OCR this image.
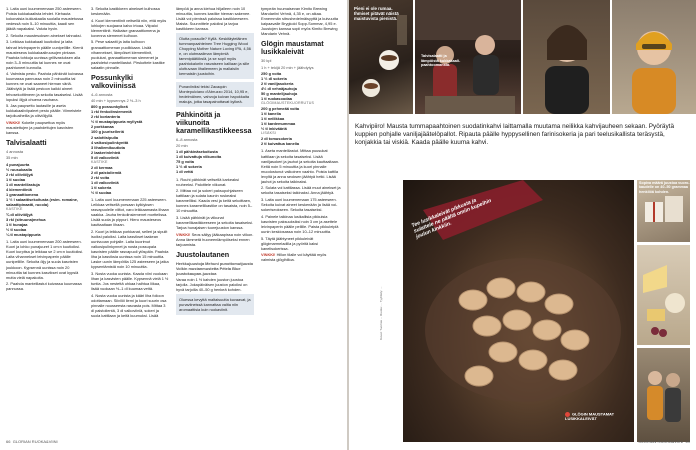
1. Laita uuni kuumenemaan 250 asteeseen. Poista kukkakaalista lehdet. Kiehauta kokonaisia kukkakaalia suolalla maustetussa vedessä noin 5–10 minuuttia, kaadi sen jäädä napakaksi. Valuta hyvin.

2. Sekoita maustesoksen ainekset tahnaksi.

3. Leikkaa kukkakaali kuutioiksi ja laita tahnat leivinpaperin päälle uunipellille. Kierrä mausteseos kukkakaaliruusujen pintaan. Paahda tohkoja uunissa grillivastuksen alla noin 3–5 minuuttia tai kunnes ne ovat paahtuneet kunnolla.

4. Valmista pesto. Paahda pähkinät kuivassa kuumassa pannussa noin 2 minuuttia tai kunnes ne ovat saaneet hieman väriä. Jäähdytä ja lisää pestoon kaikki aineet tehosekoittimeen ja sekoita tasaiseksi. Lisää lopuksi öljyä ohuena nauhana.

5. Jaa paupsetto lautasille ja aseta kukkakaaliviipaleet pesto päälle. Viimeistele tarjoiluaiheilla ja oliiviöljyllä.

VINKKI! Kokeile paupsettoa myös maustettujen ja paahdettujen kasvisten kanssa.

Talvisalaatti
4 annosta
35 min
4 punajuurta
½ ruusukaalia
2 rkl oliiviöljyä
1 tl suolaa
1 dl mantelilastuja
4 klementiiniä
1 granaattiomena
1 ½ l salaattisekoitusta (esim. romaine, salaattipinaatti, rucola)
KASTIKE
¾ dl oliiviöljyä
3 rkl (sitruuna)mehua
1 tl hunajaa
½ tl suolaa
¼ tl mustapippuria

1. Laita uuni kuumenemaan 200 asteeseen. Kuori ja lohko punajuuret 1 cm:n kuutioiksi. Kuori kurpitsa ja leikkaa se 2 cm:n kuutioiksi. Laita vihannekset leivinpaperin päälle uunipellille. Sekoita öljy ja suola kasvisten joukkoon. Kypsennä uunissa noin 20 minuuttia tai kunnes kasvikset ovat kypsiä mutta vielä napakoita.

2. Paahda mantelilastut kuivassa kuumassa pannussa.

3. Sekoita kastikkeen ainekset kulhossa keskenään.

4. Kuori klementiinit veitsellä niin, että myös lohkojen suojaava kalvo irtoaa. Viipaloi klementiinit. Halkaise granaattiomena ja kovenna siemenet kulhoon.

5. Pese salaatti ja laita kulhoon granaattiomenan puolikkaan. Lisää vihannekset, lämpöiset klementiinit, puolukat, granaattiomenan siemenet ja paahdetut mantelilastut. Pirskottele kastike salaatin pinnalle.

Possunkylki valkoviinissä
4–6 annosta
40 min + kypsennys 2 ½–3 h
800 g possunkylkeä
1 rkl fenkolinsiemeniä
2 rkl korianteria
½ tl mustapippuria myllystä
2 porkkanaa
100 g juuriselleriä
2 salottisipulia
4 valkosipulinkynttä
3 lihaliemikuutiota
2 laakerinlehteä
5 dl valkoviiniä
KASTIKE
2 dl kermaa
2 dl paistoliemiä
2 rkl voita
1 dl valkoviiniä
1 tl sokeria
½ tl suolaa

1. Laita uuni kuumenemaan 225 asteeseen. Leikkaa veitsellä porsaan kylkiyksen rasvapuolelle viiltot, varo leikkaamasta lihaan saakka. Jauha fenkolinsiemenet morttelissa. Lisää suola ja pippuri. Hiero mausteseos kauttaaltaan lihaan.

2. Kuori ja leikkaa porkkanat, selleri ja sipulit isoiksi paloiksi. Laita kasvikset laakean uunivuoan pohjalle. Laita kuorimut valkosipulinkynnet ja nosta possupala kasvisten päälle rasvapuoli ylöspäin. Paahda liha ja kasviksia uunissa noin 15 minuuttia. Laske uunin lämpötila 125 asteeseen ja jatka kypsentämistä noin 10 minuuttia.

3. Nosta vuoka uunista. Kaada viini vuokaan lihan ja kasvisten päälle. Kypsennä vielä 1 ½ tuntia. Jos nestettä uhkaa haihtua liikaa, lisää vuokaan ½–1 dl kuumaa vettä.

4. Nosta vuoka uunista ja kääri liha folioon odottamaan. Siivilöi liemi ja kuori suurin osa pinnalle nousseesta rasvasta pois. Mittaa 3 dl paistolientä, 3 dl valkoviiniä, sokeri ja suola kattilaan ja keitä kuumuksi. Lisää

lämpöä ja anna kiehua hiljalleen noin 10 minuuttia, kunnes kastike hieman sakenee. Lisää voi pienissä paloissa kastikkeeseen. Maista. Suunnittele paloiksi ja tarjoa kastikkeen kanssa.

Olutta possulle? Kyllä. Keskitäyteläinen tummanpaahteinen Tree Hugging Wood Chopping Mother Nature Loving IPA, 4,56 e, on olutmaailman lämpimiä tammipäätöksiä, ja se sopii myös paahtokaloriin rasvaiseen kalliaan ja sille ulottuvaan lihaliemeen ja mallaisiin kermaisiin juustoihin.
Punaviiniksi tekisi Zacaqoin Montepulciano d'Abruzzo 2014, 10,95 e, hedelmäinen, vahvoja kuivan hapokkaita makuja, jotka tasapainottavat kylkeä.
Pähkinöitä ja viikunoita karamellikastikkeessa
6–8 annosta
20 min
1 dl pähkinäsekoitusta
1 dl kuivattuja viikunoita
75 g voita
1 ½ dl sokeria
1 dl vettä

1. Rouhi pähkinät veitsellä karkeaksi rouheeksi. Paloittele viikunat.

2. Mittaa voi ja sokeri paksupohjaiseen kattilaan ja sulata kaunin ruskeaksi karamelliksi. Kaada vesi ja keitä sekoittaen, kunnes karamellikastike on tasaista, noin 5–10 minuuttia.

3. Lisää pähkinät ja viikunat karamellikastikkeeseen ja sekoita tasaiseksi. Tarjoa hunajaisen tuorejuuston kanssa.

VINKKI! Seos säilyy jääkaapissa noin viikon. Anna lämmetä huoneenlämpöiseksi ennen tarjoamista.

Juustolautanen
Herkkujuustoja Mehuni punottomutjuusto Volkin mustanmustetta Pétela Blue juustokaupan-juustoa

Varaa noin 1 ½ kahden juuston juustoa tarjolla. Jokapäiväisen juuston paloiksi on hyvä tarjoilla 40–50 g henkeä kohden.

Oluessa kevyttä maltaisuutta kuvaavat, ja punaviineissä kannattaa valita niin aromaattisia kuin ruokaviinit.

tympeän huumaisevan Kimito Brewing Mandariini Vehnä, 4,35 e, on aikaa. Ennemmän sitrushedelmäisyyttä ja kuivuutta kaipaavalle Brygkold Sopp-Sommar, 4,95 e. Juustojen kanssa sopii myös Kimito Brewing Mandarin Vehnä.

Glögin maustamat lusikkaleivät
30 kpl
1 h + tekijä 20 min + jäähdytys
250 g voita
1 ½ dl sokeria
2 tl vaniljasokeria
4½ dl vehnäjauhoja
50 g mantelijauhoja
1 tl ruokasoodaa
GLÖGIMAUSTEKUORRUTUS
200 g pehmeää voita
1 tl kanelia
1 tl neilikkaa
1 tl kardemummaa
½ tl inkivääriä
LISÄKSI
2 dl tomusokeria
2 tl kuivattua kanelia

1. Aseta mantelilastut. Mittaa puusukat kattilaan ja sekoita tasaiseksi. Lisää vaniljasokeri ja jauhot ja sekoita kauttaaltaan. Keitä noin 5 minuuttia ja kuori pinnalle muodostunut valkoinen vaahto. Poista kattila levyltä ja anna seoksen jäähtyä hetki. Lisää jauhot ja sekoita taikinaksi.

2. Sulata voi kattilassa. Lisää muut ainekset ja sekoita tasaiseksi taikinaksi. Anna jäähtyä.

3. Laita uuni kuumenemaan 175 asteeseen. Sekoita kuivat aineet keskenään ja lisää voi-sokeriseokseen. Sekoita tasaiseksi.

4. Painele taikinaa lusikallisia pikkuisia kasvisten paksuuksiksi noin 3 cm ja asettele leivinpaperin päälle pellille. Paista pikkuleipiä uunin keskiosassa noin 10–12 minuuttia.

5. Täytä jäähtyneet pikkuleivät glögimarmeladilla ja pyöritä kaksi kanelisokerissa.

VINKKI! Hillon tilalle voi käyttää myös valmista glögihilloa.

66 GLORIAN RUOKA&VIINI
Pieni ei ole rumaa. Ihmiset pitävät näistä maistuvista pienistä.
Talvisalaatti ja lämpöistä kukkakaali-paahtoomansta.
Kahvipiiro! Mausta tummapaahtoinen suodatinkahvi laittamalla muutama neilikka kahvijauheen sekaan. Pyöräytä kuppien pohjalle vaniljajäätelöpallot. Ripauta päälle hyppysellinen farinisokeria ja pari teelusikallista teräsystä, konjakkia tai viskiä. Kaada päälle kuuma kahvi.
Tee lusikkaleivät pikkusta ja sulattele ne päältä omiin kupeihin joulun kinkkiin.
GLÖGIN MAUSTAMAT LUSIKKALEIVÄT
Sopiva määrä juustoa vuoro-kaudelle on 40–50 grammaa henkilöä kohden.
Kuvat: Tuomas ... Ruoka: ... Tyylittely: ...
GLORIAN RUOKA&VIINI 69
